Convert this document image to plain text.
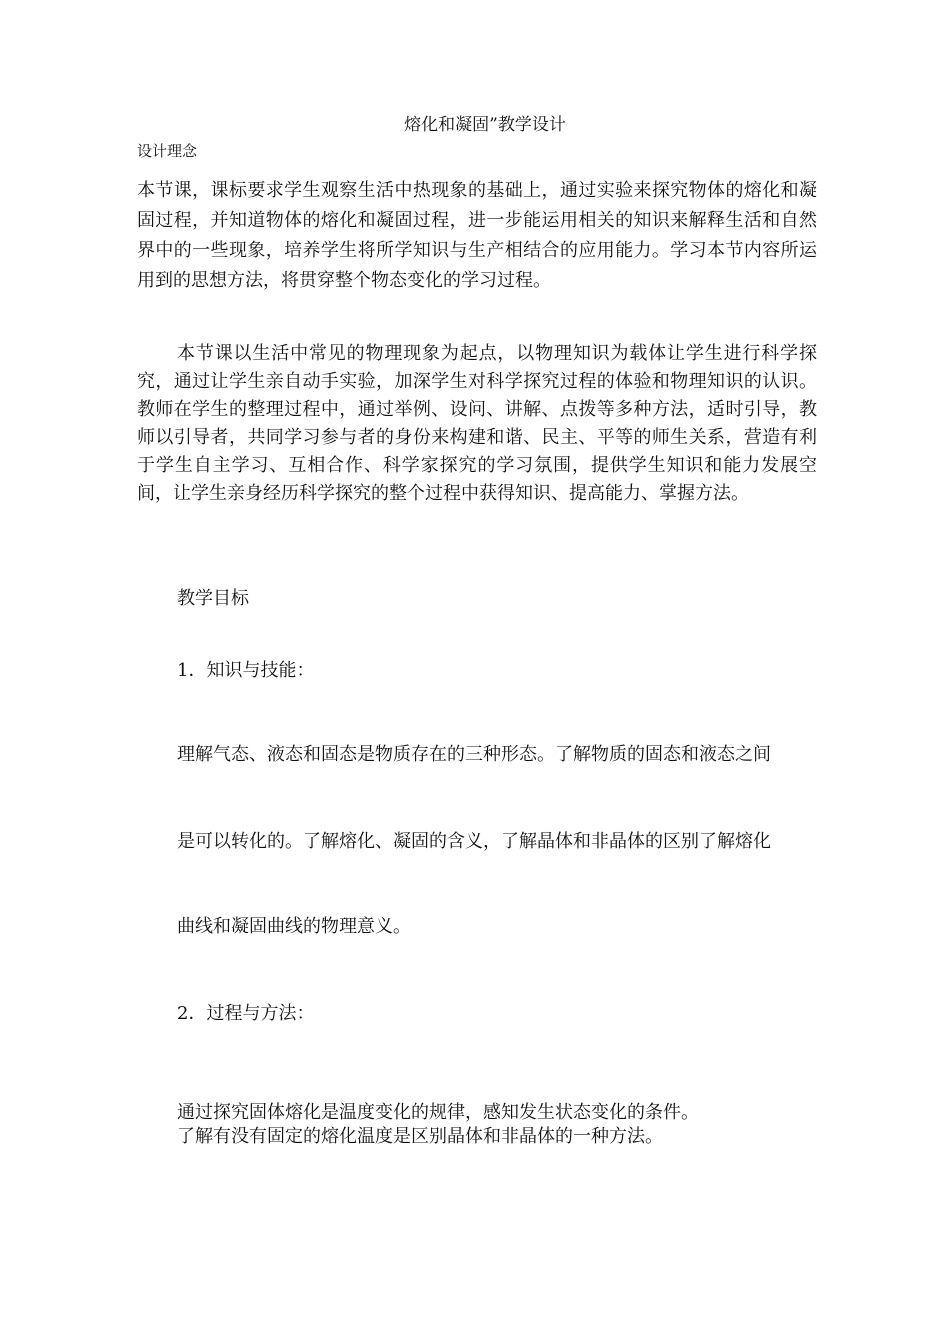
熔化和凝固”教学设计
设计理念
本节课，课标要求学生观察生活中热现象的基础上，通过实验来探究物体的熔化和凝固过程，并知道物体的熔化和凝固过程，进一步能运用相关的知识来解释生活和自然界中的一些现象，培养学生将所学知识与生产相结合的应用能力。学习本节内容所运用到的思想方法，将贯穿整个物态变化的学习过程。
本节课以生活中常见的物理现象为起点，以物理知识为载体让学生进行科学探究，通过让学生亲自动手实验，加深学生对科学探究过程的体验和物理知识的认识。教师在学生的整理过程中，通过举例、设问、讲解、点拨等多种方法，适时引导，教师以引导者，共同学习参与者的身份来构建和谐、民主、平等的师生关系，营造有利于学生自主学习、互相合作、科学家探究的学习氛围，提供学生知识和能力发展空间，让学生亲身经历科学探究的整个过程中获得知识、提高能力、掌握方法。
教学目标
1．知识与技能：
理解气态、液态和固态是物质存在的三种形态。了解物质的固态和液态之间
是可以转化的。了解熔化、凝固的含义，了解晶体和非晶体的区别了解熔化
曲线和凝固曲线的物理意义。
2．过程与方法：
通过探究固体熔化是温度变化的规律，感知发生状态变化的条件。
了解有没有固定的熔化温度是区别晶体和非晶体的一种方法。
